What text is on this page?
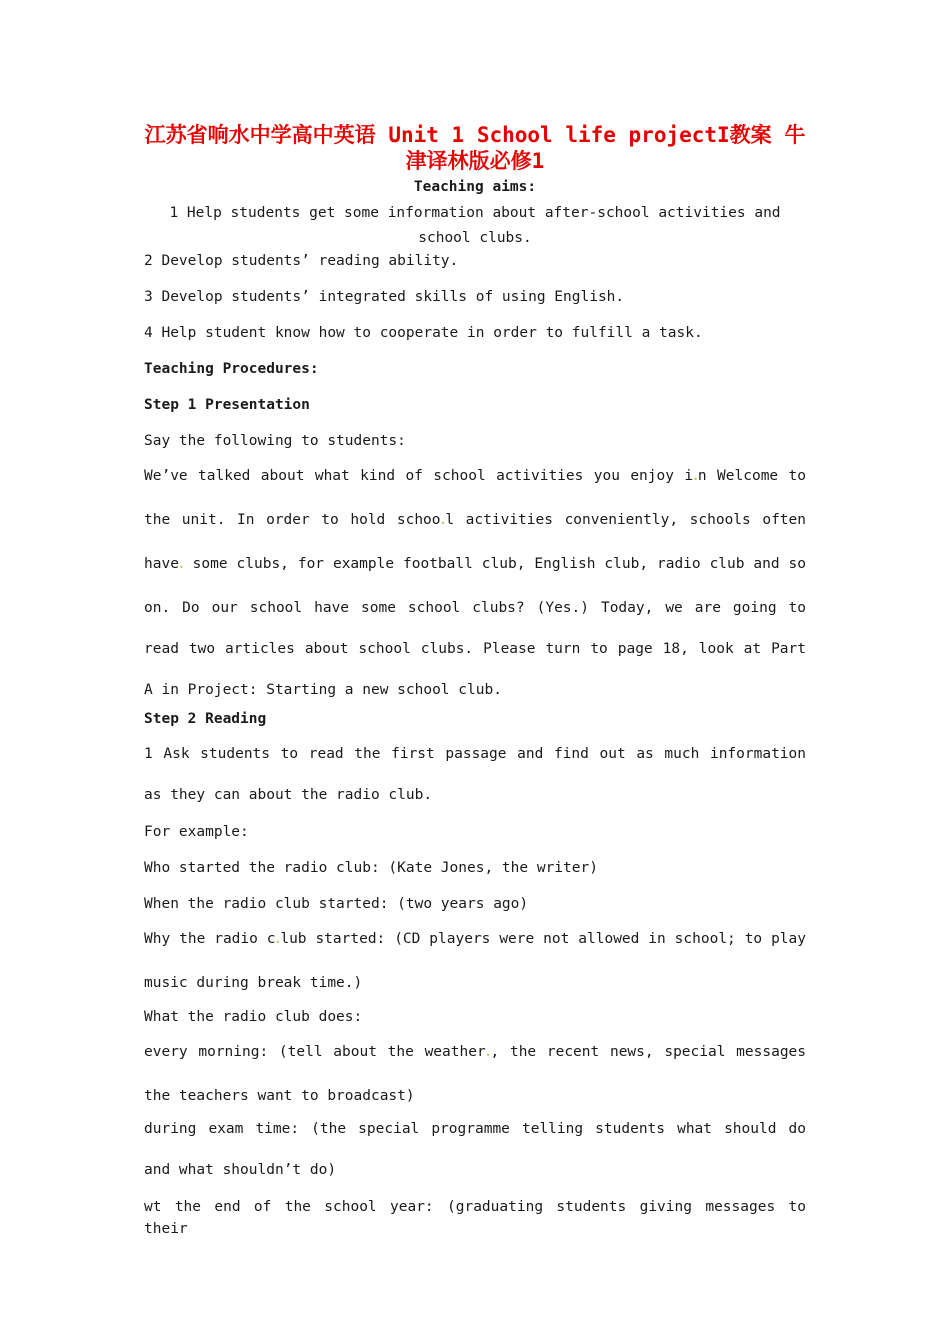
江苏省响水中学高中英语 Unit 1 School life projectI教案 牛
津译林版必修1
Teaching aims:
1 Help students get some information about after-school activities and school clubs.
2 Develop students’ reading ability.
3 Develop students’ integrated skills of using English.
4 Help student know how to cooperate in order to fulfill a task.
Teaching Procedures:
Step 1 Presentation
Say the following to students:
We’ve talked about what kind of school activities you enjoy i•n Welcome to the unit. In order to hold schoo•l activities conveniently, schools often have• some clubs, for example football club, English club, radio club and so on. Do our school have some school clubs? (Yes.) Today, we are going to read two articles about school clubs. Please turn to page 18, look at Part A in Project: Starting a new school club.
Step 2 Reading
1 Ask students to read the first passage and find out as much information as they can about the radio club.
For example:
Who started the radio club: (Kate Jones, the writer)
When the radio club started: (two years ago)
Why the radio c•lub started: (CD players were not allowed in school; to play music during break time.)
What the radio club does:
every morning: (tell about the weather•, the recent news, special messages the teachers want to broadcast)
during exam time: (the special programme telling students what should do and what shouldn’t do)
wt the end of the school year: (graduating students giving messages to their
